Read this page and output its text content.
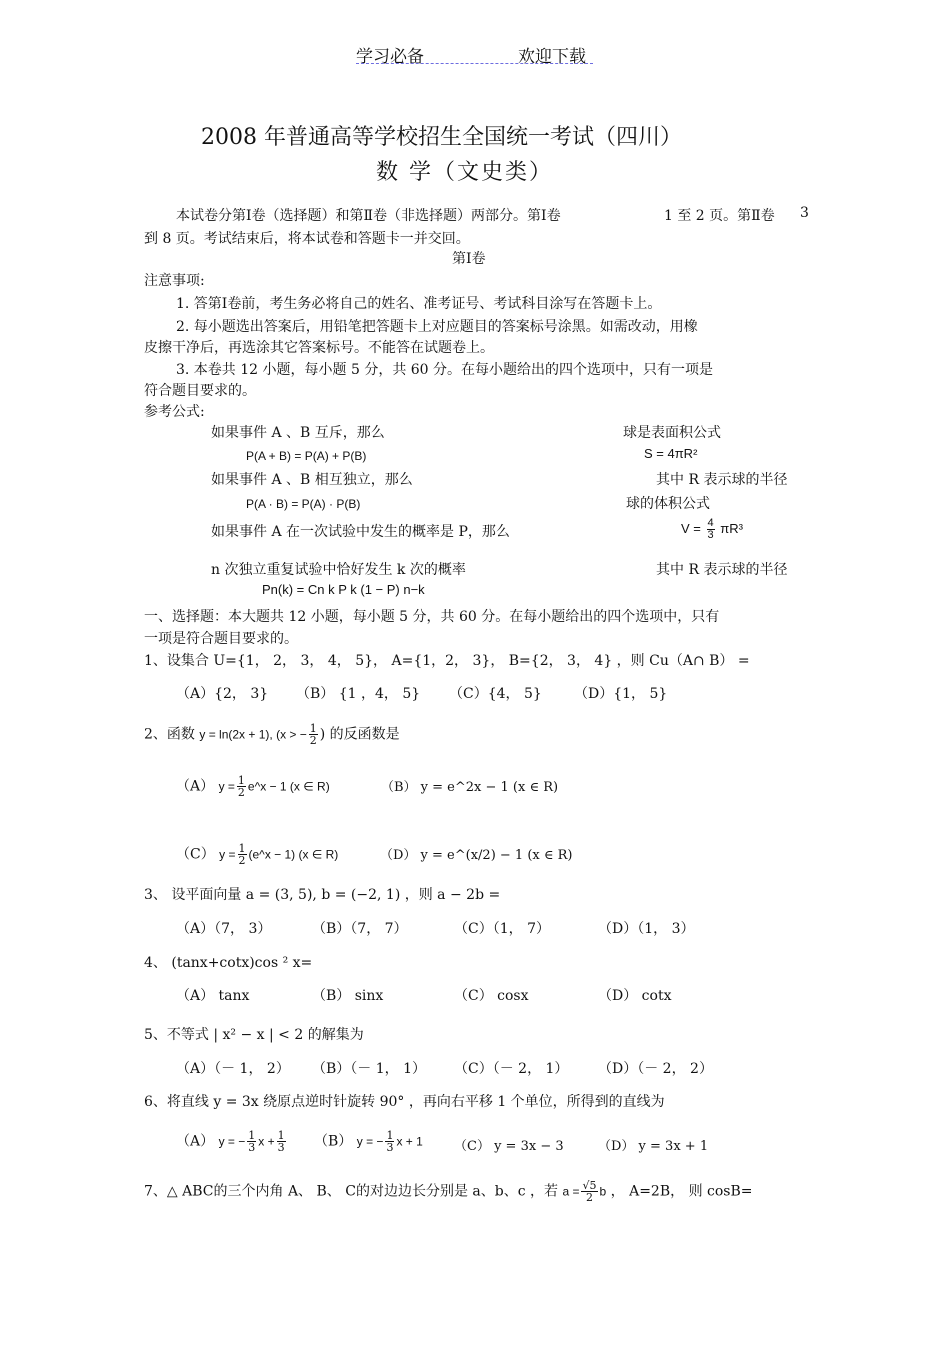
学习必备	欢迎下载
2008 年普通高等学校招生全国统一考试（四川）
数 学（文史类）
本试卷分第Ⅰ卷（选择题）和第Ⅱ卷（非选择题）两部分。第Ⅰ卷	1 至 2 页。第Ⅱ卷 3
到 8 页。考试结束后，将本试卷和答题卡一并交回。
第Ⅰ卷
注意事项:
1. 答第Ⅰ卷前，考生务必将自己的姓名、准考证号、考试科目涂写在答题卡上。
2. 每小题选出答案后，用铅笔把答题卡上对应题目的答案标号涂黑。如需改动，用橡
皮擦干净后，再选涂其它答案标号。不能答在试题卷上。
3. 本卷共 12 小题，每小题 5 分，共 60 分。在每小题给出的四个选项中，只有一项是
符合题目要求的。
参考公式:
如果事件 A 、B 互斥，那么
P(A + B) = P(A) + P(B)
如果事件 A 、B 相互独立，那么
P(A · B) = P(A) · P(B)
如果事件 A 在一次试验中发生的概率是 P，那么
n 次独立重复试验中恰好发生 k 次的概率
Pn(k) = Cn k P k (1 − P) n−k
球是表面积公式
S = 4πR²
其中 R 表示球的半径
球的体积公式
$V = \frac{4}{3} \pi R^3$
其中 R 表示球的半径
一、选择题：本大题共 12 小题，每小题 5 分，共 60 分。在每小题给出的四个选项中，只有
一项是符合题目要求的。
1、设集合 U={1， 2， 3， 4， 5}， A={1，2， 3}， B={2， 3， 4} ，则 Cu（A∩ B） =
（A）{2， 3} （B） {1 ，4， 5} （C）{4， 5} （D）{1， 5}
2、函数 y = ln(2x + 1), (x > − $\frac{1}{2}$ ) 的反函数是
（A） $y = \frac{1}{2}$ e^x − 1 (x ∈ R)	（B） y = e^2x − 1 (x ∈ R)
（C） $y = \frac{1}{2}$ (e^x − 1) (x ∈ R)	（D） y = e^(x/2) − 1 (x ∈ R)
3、 设平面向量 a = (3, 5), b = (−2, 1) ，则 a − 2b =
（A）（7， 3）	（B）（7， 7）	（C）（1， 7）	（D）（1， 3）
4、 (tanx+cotx)cos ² x=
（A） tanx	（B） sinx	（C） cosx	（D） cotx
5、不等式 | x² − x | < 2 的解集为
（A）（－ 1， 2） （B）（－ 1， 1） （C）（－ 2， 1） （D）（－ 2， 2）
6、将直线 y = 3x 绕原点逆时针旋转 90° ，再向右平移 1 个单位，所得到的直线为
（A） y = − $\frac{1}{3}$ $x + \frac{1}{3} (B) y$ = − $\frac{1}{3}$ x + 1 （C） y = 3x − 3	（D） y = 3x + 1
7、△ ABC的三个内角 A、 B、 C的对边边长分别是 a、b、c ，若 $a = \frac{√5}{2}$ b ， A=2B， 则 cosB=
